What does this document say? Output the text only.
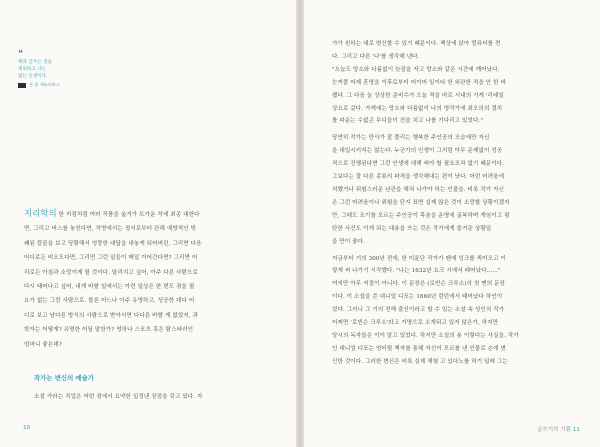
❝
책과 글쓰는 것을
제외하고 나는
없는 인생이다.
존 위 세뉴리브스
지리학의 한 지점처럼 여러 작품을 옮겨가 트가운 작에 최종 대한다
면, 그리고 버스를 놓친다면, 작명에서는 정서로부터 관해 예방적인 빚
쾌된 칼끝을 보고 당황해서 엉뚱한 대답을 내놓게 되어버린, 그리면 다음
어디로든 비오도다면, 그리면 그런 일들이 매일 이어간다면? 그리면 어
리로든 아침과 소망이게 될 것이다. 말리지고 싶어, 아주 다른 사람으로
다시 태어나고 싶어, 내게 바랄 일에서는 아련 일상은 한 번도 겪을 필
요가 없는 그런 사람으로. 물론 어느나 아주 유명하고, 성공한 데다 어
디로 보고 남다른 방식의 사람으로 받아서면 다다른 바랄 게 없었지, 과
학자는 어떻게? 유명한 어딜 말한가? 영하나 스포츠 혹은 탐스타러인
엄마니 좋은데?
작가는 변신의 예술가
소설 가라는 직업은 어떤 점에서 요약한 일정낸 장점을 갖고 있다. 자
10
가가 원하는 대로 변신할 수 있기 때문이다. 책상에 앉아 컴퓨터를 켠
다. 그리고 다른 '나'를 생각해 낸다.
"오늘도 망소와 다름없이 늦잠을 자고 망소와 같은 시간에 깨어났다.
눈꺼풀 어제 혼명을 이후로부터 어이머 일이다 한 외관한 적을 안 한 바
랬다. 그 다음 늘 상상한 준비수가 오늘 적을 마로 시내의 가게 '리테일
상요로 갔다. 가게에는 망소와 다름없이 나의 명작가에 최오의의 결치
를 파운는 수없곤 무디들이 전을 치고 나를 기다리고 있었다."
당연히 작가는 만사가 잘 풀리는 행복한 주인공의 모습에만 자신
을 대입시키지는 않는다. 누군가의 인생이 그처럼 아무 문제없이 성공
적으로 진행된다면 그런 인생에 대해 써야 할 필요조차 없기 때문이다.
그보다는 잘 다른 종류의 파격을 생각해내는 편이 낫다. 어떤 어려움에
처했거나 위험스러운 난관을 헤쳐 나가야 하는 인물을. 비록 작가 자신
은 그런 어려움이나 위험을 단지 표면 실제 않은 것이 소망할 상황이겠지
만, 그래도 조기를 모르는 주인공이 목숨을 운명에 굴복하며 게임이고 평
탄한 사건도 이게 되는 대용을 쓰는 것은 작가에게 즐거운 상황일
을 만이 좋다.
지금부터 거의 300년 전에, 한 미륜단 작가가 펜에 잉크를 찍어오고 이
렇게 써 나가기 시작했다. "나는 1632년 요크 시에서 태어났다……"
여지만 아무 저절이 아니다. 이 문장은 (로빈슨 크루소)의 첫 맨의 문장
이다. 이 소설을 쓴 대니얼 디포는 1660년 런던에서 태어났다 하인이
었다. 그러니 그 기의 전해 출신이라고 할 수 있는 소설 속 성인의 작가
어쩌면 '로빈슨 크루소'라고 거명으로 소개되고 있지 않은가, 하지만
당시의 독자들은 이이 알고 있었다. 하지만 소설의 용 이렇다는 사실을. 작가
인 대니얼 디포는 엉터릴 책자를 통해 자신이 모르를 낸 인물로 손에 변
신한 것이다. 그러한 변신은 비록 실제 체험 고 있다노를 허기 일래 그는
글쓰기의 기쁨 11
